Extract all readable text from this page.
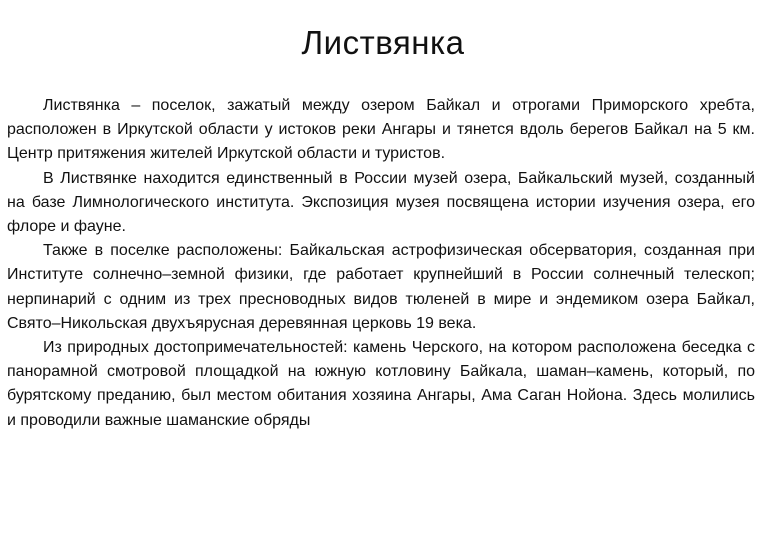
Листвянка

Листвянка – поселок, зажатый между озером Байкал и отрогами Приморского хребта, расположен в Иркутской области у истоков реки Ангары и тянется вдоль берегов Байкал на 5 км. Центр притяжения жителей Иркутской области и туристов.

В Листвянке находится единственный в России музей озера, Байкальский музей, созданный на базе Лимнологического института. Экспозиция музея посвящена истории изучения озера, его флоре и фауне.

Также в поселке расположены: Байкальская астрофизическая обсерватория, созданная при Институте солнечно–земной физики, где работает крупнейший в России солнечный телескоп; нерпинарий с одним из трех пресноводных видов тюленей в мире и эндемиком озера Байкал, Свято–Никольская двухъярусная деревянная церковь 19 века.

Из природных достопримечательностей: камень Черского, на котором расположена беседка с панорамной смотровой площадкой на южную котловину Байкала, шаман–камень, который, по бурятскому преданию, был местом обитания хозяина Ангары, Ама Саган Нойона. Здесь молились и проводили важные шаманские обряды
